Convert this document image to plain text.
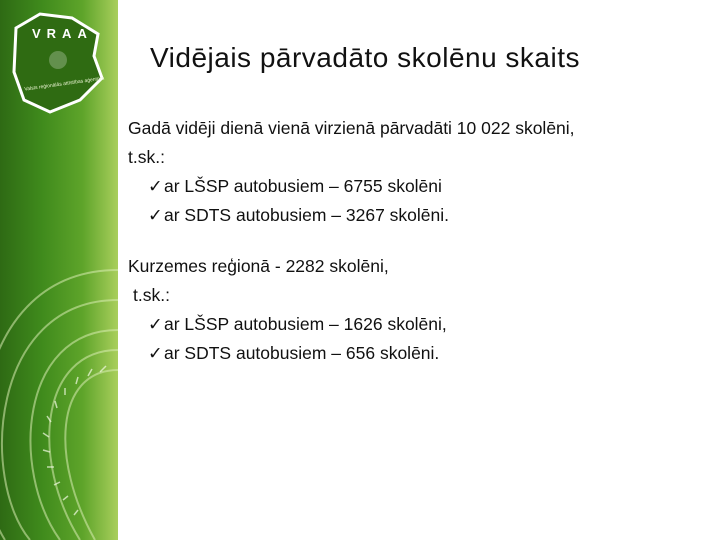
VRAA
Valsts reģionālās attīstības aģentūra
Vidējais pārvadāto skolēnu skaits
Gadā vidēji dienā vienā virzienā pārvadāti 10 022 skolēni,
t.sk.:
✓ar LŠSP autobusiem – 6755 skolēni
✓ar SDTS autobusiem – 3267 skolēni.
Kurzemes reģionā - 2282 skolēni,
t.sk.:
✓ar LŠSP autobusiem – 1626 skolēni,
✓ar SDTS autobusiem – 656 skolēni.
